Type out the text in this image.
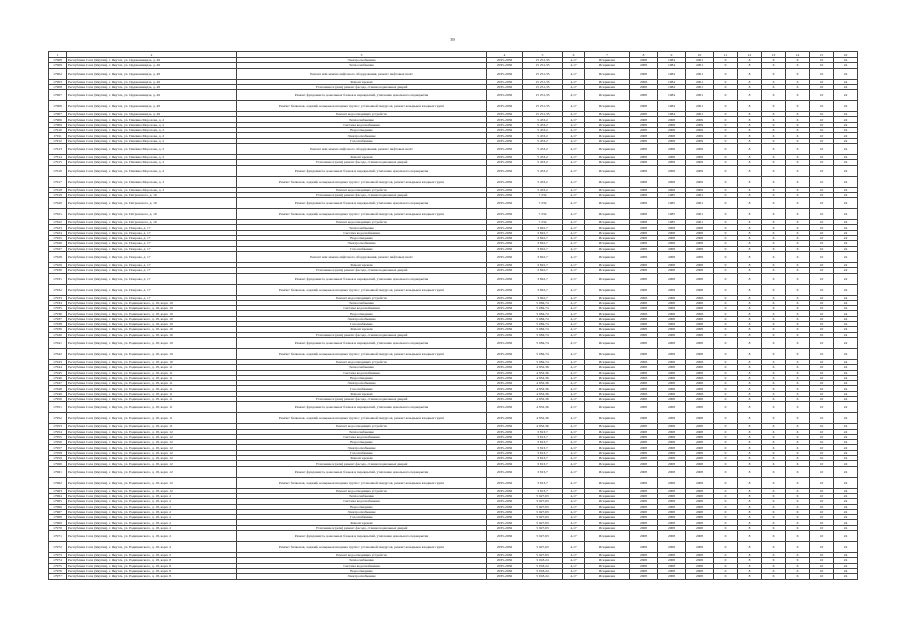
39
1	2	3	4	5	6	7	8	9	10	11	12	13	14	15	16
17908	Республика Саха (Якутия), г. Якутск, ул. Орджоникидзе, д. 49	Электроснабжение	2035-2036	15 251,35	4,17	Искривлен	2008	1984	2001	0	8	6	6	10	24
17909	Республика Саха (Якутия), г. Якутск, ул. Орджоникидзе, д. 49	Теплоснабжение	2035-2036	15 251,35	4,17	Искривлен	2008	1984	2001	0	8	6	6	10	24
17902	Республика Саха (Якутия), г. Якутск, ул. Орджоникидзе, д. 49	Ремонт или замена лифтового оборудования, ремонт лифтовых шахт	2035-2036	15 251,35	4,17	Искривлен	2008	1984	2001	0	8	6	6	10	24
17903	Республика Саха (Якутия), г. Якутск, ул. Орджоникидзе, д. 49	Ремонт кровли	2035-2036	15 251,35	4,17	Искривлен	2008	1984	2001	0	8	6	6	10	24
17908	Республика Саха (Якутия), г. Якутск, ул. Орджоникидзе, д. 49	Утепление и (или) ремонт фасада, ставни подвальных дверей	2035-2036	15 251,35	4,17	Искривлен	2008	1984	2001	0	8	6	6	10	24
17907	Республика Саха (Якутия), г. Якутск, ул. Орджоникидзе, д. 49	Ремонт фундамента, цокольных блоков и перекрытий, утепление цокольного перекрытия	2035-2036	15 251,35	4,17	Искривлен	2008	1984	2001	0	8	6	6	10	24
17908	Республика Саха (Якутия), г. Якутск, ул. Орджоникидзе, д. 49	Ремонт балконов, лоджий, козырьков входных групп с установкой пандусов, ремонт козырьков входных групп	2035-2036	15 251,35	4,17	Искривлен	2008	1984	2001	0	8	6	6	10	24
17907	Республика Саха (Якутия), г. Якутск, ул. Орджоникидзе, д. 49	Ремонт водоотводящих устройств	2035-2036	15 251,35	4,17	Искривлен	2008	1984	2001	0	8	6	6	10	24
17906	Республика Саха (Якутия), г. Якутск, ул. Павлика Морозова, д. 2	Теплоснабжение	2035-2036	5 453,2	4,17	Искривлен	2008	2008	2009	0	8	6	6	10	24
17909	Республика Саха (Якутия), г. Якутск, ул. Павлика Морозова, д. 2	Система водоснабжения	2035-2036	5 453,2	4,17	Искривлен	2008	2008	2009	0	8	6	6	10	24
17910	Республика Саха (Якутия), г. Якутск, ул. Павлика Морозова, д. 2	Водоотведение	2035-2036	5 453,2	4,17	Искривлен	2008	2008	2009	0	8	6	6	10	24
17911	Республика Саха (Якутия), г. Якутск, ул. Павлика Морозова, д. 2	Электроснабжение	2035-2036	5 453,2	4,17	Искривлен	2008	2008	2009	0	8	6	6	10	24
17912	Республика Саха (Якутия), г. Якутск, ул. Павлика Морозова, д. 2	Газоснабжение	2035-2036	5 453,2	4,17	Искривлен	2008	2008	2009	0	8	6	6	10	24
17913	Республика Саха (Якутия), г. Якутск, ул. Павлика Морозова, д. 2	Ремонт или замена лифтового оборудования, ремонт лифтовых шахт	2035-2036	5 453,2	4,17	Искривлен	2008	2008	2009	0	8	6	6	10	24
17914	Республика Саха (Якутия), г. Якутск, ул. Павлика Морозова, д. 2	Ремонт кровли	2035-2036	5 453,2	4,17	Искривлен	2008	2008	2009	0	8	6	6	10	24
17915	Республика Саха (Якутия), г. Якутск, ул. Павлика Морозова, д. 2	Утепление и (или) ремонт фасада, ставни подвальных дверей	2035-2036	5 453,2	4,17	Искривлен	2008	2008	2009	0	8	6	6	10	24
17916	Республика Саха (Якутия), г. Якутск, ул. Павлика Морозова, д. 2	Ремонт фундамента, цокольных блоков и перекрытий, утепление цокольного перекрытия	2035-2036	5 453,2	4,17	Искривлен	2008	2008	2009	0	8	6	6	10	24
17917	Республика Саха (Якутия), г. Якутск, ул. Павлика Морозова, д. 2	Ремонт балконов, лоджий, козырьков входных групп с установкой пандусов, ремонт козырьков входных групп	2035-2036	5 453,2	4,17	Искривлен	2008	2008	2009	0	8	6	6	10	24
17918	Республика Саха (Якутия), г. Якутск, ул. Павлика Морозова, д. 2	Ремонт водоотводящих устройств	2035-2036	5 453,2	4,17	Искривлен	2008	2008	2009	0	8	6	6	10	24
17919	Республика Саха (Якутия), г. Якутск, ул. Петровского, д. 16	Утепление и (или) ремонт фасада, ставни подвальных дверей	2035-2036	7 232	4,17	Искривлен	2008	1985	2001	0	8	6	6	10	24
17920	Республика Саха (Якутия), г. Якутск, ул. Петровского, д. 16	Ремонт фундамента, цокольных блоков и перекрытий, утепление цокольного перекрытия	2035-2036	7 232	4,17	Искривлен	2008	1985	2001	0	8	6	6	10	24
17921	Республика Саха (Якутия), г. Якутск, ул. Петровского, д. 16	Ремонт балконов, лоджий, козырьков входных групп с установкой пандусов, ремонт козырьков входных групп	2035-2036	7 232	4,17	Искривлен	2008	1985	2001	0	8	6	6	10	24
17922	Республика Саха (Якутия), г. Якутск, ул. Петровского, д. 16	Ремонт водоотводящих устройств	2035-2036	7 232	4,17	Искривлен	2008	1985	2001	0	8	6	6	10	24
17923	Республика Саха (Якутия), г. Якутск, ул. Покрова, д. 17	Теплоснабжение	2035-2036	3 822,7	4,17	Искривлен	2008	2008	2008	0	8	6	6	10	24
17924	Республика Саха (Якутия), г. Якутск, ул. Покрова, д. 17	Система водоснабжения	2035-2036	3 822,7	4,17	Искривлен	2008	2008	2008	0	8	6	6	10	24
17925	Республика Саха (Якутия), г. Якутск, ул. Покрова, д. 17	Водоотведение	2035-2036	3 822,7	4,17	Искривлен	2008	2008	2008	0	8	6	6	10	24
17926	Республика Саха (Якутия), г. Якутск, ул. Покрова, д. 17	Электроснабжение	2035-2036	3 822,7	4,17	Искривлен	2008	2008	2008	0	8	6	6	10	24
17927	Республика Саха (Якутия), г. Якутск, ул. Покрова, д. 17	Газоснабжение	2035-2036	3 822,7	4,17	Искривлен	2008	2008	2008	0	8	6	6	10	24
17928	Республика Саха (Якутия), г. Якутск, ул. Покрова, д. 17	Ремонт или замена лифтового оборудования, ремонт лифтовых шахт	2035-2036	3 822,7	4,17	Искривлен	2008	2008	2008	0	8	6	6	10	24
17929	Республика Саха (Якутия), г. Якутск, ул. Покрова, д. 17	Ремонт кровли	2035-2036	3 822,7	4,17	Искривлен	2008	2008	2008	0	8	6	6	10	24
17930	Республика Саха (Якутия), г. Якутск, ул. Покрова, д. 17	Утепление и (или) ремонт фасада, ставни подвальных дверей	2035-2036	3 822,7	4,17	Искривлен	2008	2008	2008	0	8	6	6	10	24
17931	Республика Саха (Якутия), г. Якутск, ул. Покрова, д. 17	Ремонт фундамента, цокольных блоков и перекрытий, утепление цокольного перекрытия	2035-2036	3 822,7	4,17	Искривлен	2008	2008	2008	0	8	6	6	10	24
17932	Республика Саха (Якутия), г. Якутск, ул. Покрова, д. 17	Ремонт балконов, лоджий, козырьков входных групп с установкой пандусов, ремонт козырьков входных групп	2035-2036	3 822,7	4,17	Искривлен	2008	2008	2008	0	8	6	6	10	24
17933	Республика Саха (Якутия), г. Якутск, ул. Покрова, д. 17	Ремонт водоотводящих устройств	2035-2036	3 822,7	4,17	Искривлен	2008	2008	2008	0	8	6	6	10	24
17934	Республика Саха (Якутия), г. Якутск, ул. Радищевского, д. 18, корп. 10	Теплоснабжение	2035-2036	5 084,74	4,17	Искривлен	2008	2008	2008	0	8	6	6	10	24
17935	Республика Саха (Якутия), г. Якутск, ул. Радищевского, д. 18, корп. 10	Система водоснабжения	2035-2036	5 084,74	4,17	Искривлен	2008	2008	2008	0	8	6	6	10	24
17936	Республика Саха (Якутия), г. Якутск, ул. Радищевского, д. 18, корп. 10	Водоотведение	2035-2036	5 084,74	4,17	Искривлен	2008	2008	2008	0	8	6	6	10	24
17937	Республика Саха (Якутия), г. Якутск, ул. Радищевского, д. 18, корп. 10	Электроснабжение	2035-2036	5 084,74	4,17	Искривлен	2008	2008	2008	0	8	6	6	10	24
17938	Республика Саха (Якутия), г. Якутск, ул. Радищевского, д. 18, корп. 10	Газоснабжение	2035-2036	5 084,74	4,17	Искривлен	2008	2008	2008	0	8	6	6	10	24
17939	Республика Саха (Якутия), г. Якутск, ул. Радищевского, д. 18, корп. 10	Ремонт кровли	2035-2036	5 084,74	4,17	Искривлен	2008	2008	2008	0	8	6	6	10	24
17940	Республика Саха (Якутия), г. Якутск, ул. Радищевского, д. 18, корп. 10	Утепление и (или) ремонт фасада, ставни подвальных дверей	2035-2036	5 084,74	4,17	Искривлен	2008	2008	2008	0	8	6	6	10	24
17941	Республика Саха (Якутия), г. Якутск, ул. Радищевского, д. 18, корп. 10	Ремонт фундамента, цокольных блоков и перекрытий, утепление цокольного перекрытия	2035-2036	5 084,74	4,17	Искривлен	2008	2008	2008	0	8	6	6	10	24
17942	Республика Саха (Якутия), г. Якутск, ул. Радищевского, д. 18, корп. 10	Ремонт балконов, лоджий, козырьков входных групп с установкой пандусов, ремонт козырьков входных групп	2035-2036	5 084,74	4,17	Искривлен	2008	2008	2008	0	8	6	6	10	24
17943	Республика Саха (Якутия), г. Якутск, ул. Радищевского, д. 18, корп. 10	Ремонт водоотводящих устройств	2035-2036	5 084,74	4,17	Искривлен	2008	2008	2008	0	8	6	6	10	24
17944	Республика Саха (Якутия), г. Якутск, ул. Радищевского, д. 18, корп. 11	Теплоснабжение	2035-2036	4 852,36	4,17	Искривлен	2008	2008	2008	0	8	6	6	10	24
17945	Республика Саха (Якутия), г. Якутск, ул. Радищевского, д. 18, корп. 11	Система водоснабжения	2035-2036	4 852,36	4,17	Искривлен	2008	2008	2008	0	8	6	6	10	24
17946	Республика Саха (Якутия), г. Якутск, ул. Радищевского, д. 18, корп. 11	Водоотведение	2035-2036	4 852,36	4,17	Искривлен	2008	2008	2008	0	8	6	6	10	24
17947	Республика Саха (Якутия), г. Якутск, ул. Радищевского, д. 18, корп. 11	Электроснабжение	2035-2036	4 852,36	4,17	Искривлен	2008	2008	2008	0	8	6	6	10	24
17948	Республика Саха (Якутия), г. Якутск, ул. Радищевского, д. 18, корп. 11	Газоснабжение	2035-2036	4 852,36	4,17	Искривлен	2008	2008	2008	0	8	6	6	10	24
17949	Республика Саха (Якутия), г. Якутск, ул. Радищевского, д. 18, корп. 11	Ремонт кровли	2035-2036	4 852,36	4,17	Искривлен	2008	2008	2008	0	8	6	6	10	24
17950	Республика Саха (Якутия), г. Якутск, ул. Радищевского, д. 18, корп. 11	Утепление и (или) ремонт фасада, ставни подвальных дверей	2035-2036	4 852,36	4,17	Искривлен	2008	2008	2008	0	8	6	6	10	24
17951	Республика Саха (Якутия), г. Якутск, ул. Радищевского, д. 18, корп. 11	Ремонт фундамента, цокольных блоков и перекрытий, утепление цокольного перекрытия	2035-2036	4 852,36	4,17	Искривлен	2008	2008	2008	0	8	6	6	10	24
17952	Республика Саха (Якутия), г. Якутск, ул. Радищевского, д. 18, корп. 11	Ремонт балконов, лоджий, козырьков входных групп с установкой пандусов, ремонт козырьков входных групп	2035-2036	4 852,36	4,17	Искривлен	2008	2008	2008	0	8	6	6	10	24
17953	Республика Саха (Якутия), г. Якутск, ул. Радищевского, д. 18, корп. 11	Ремонт водоотводящих устройств	2035-2036	4 852,36	4,17	Искривлен	2008	2008	2008	0	8	6	6	10	24
17954	Республика Саха (Якутия), г. Якутск, ул. Радищевского, д. 18, корп. 12	Теплоснабжение	2035-2036	3 813,7	4,17	Искривлен	2008	2008	2008	0	8	6	6	10	24
17955	Республика Саха (Якутия), г. Якутск, ул. Радищевского, д. 18, корп. 12	Система водоснабжения	2035-2036	3 813,7	4,17	Искривлен	2008	2008	2008	0	8	6	6	10	24
17956	Республика Саха (Якутия), г. Якутск, ул. Радищевского, д. 18, корп. 12	Водоотведение	2035-2036	3 813,7	4,17	Искривлен	2008	2008	2008	0	8	6	6	10	24
17957	Республика Саха (Якутия), г. Якутск, ул. Радищевского, д. 18, корп. 12	Электроснабжение	2035-2036	3 813,7	4,17	Искривлен	2008	2008	2008	0	8	6	6	10	24
17958	Республика Саха (Якутия), г. Якутск, ул. Радищевского, д. 18, корп. 12	Газоснабжение	2035-2036	3 813,7	4,17	Искривлен	2008	2008	2008	0	8	6	6	10	24
17959	Республика Саха (Якутия), г. Якутск, ул. Радищевского, д. 18, корп. 12	Ремонт кровли	2035-2036	3 813,7	4,17	Искривлен	2008	2008	2008	0	8	6	6	10	24
17960	Республика Саха (Якутия), г. Якутск, ул. Радищевского, д. 18, корп. 12	Утепление и (или) ремонт фасада, ставни подвальных дверей	2035-2036	3 813,7	4,17	Искривлен	2008	2008	2008	0	8	6	6	10	24
17961	Республика Саха (Якутия), г. Якутск, ул. Радищевского, д. 18, корп. 12	Ремонт фундамента, цокольных блоков и перекрытий, утепление цокольного перекрытия	2035-2036	3 813,7	4,17	Искривлен	2008	2008	2008	0	8	6	6	10	24
17962	Республика Саха (Якутия), г. Якутск, ул. Радищевского, д. 18, корп. 12	Ремонт балконов, лоджий, козырьков входных групп с установкой пандусов, ремонт козырьков входных групп	2035-2036	3 813,7	4,17	Искривлен	2008	2008	2008	0	8	6	6	10	24
17963	Республика Саха (Якутия), г. Якутск, ул. Радищевского, д. 18, корп. 12	Ремонт водоотводящих устройств	2035-2036	3 813,7	4,17	Искривлен	2008	2008	2008	0	8	6	6	10	24
17964	Республика Саха (Якутия), г. Якутск, ул. Радищевского, д. 18, корп. 2	Теплоснабжение	2035-2036	5 927,63	4,17	Искривлен	2008	2008	2008	0	8	6	6	10	24
17965	Республика Саха (Якутия), г. Якутск, ул. Радищевского, д. 18, корп. 2	Система водоснабжения	2035-2036	5 927,63	4,17	Искривлен	2008	2008	2008	0	8	6	6	10	24
17966	Республика Саха (Якутия), г. Якутск, ул. Радищевского, д. 18, корп. 2	Водоотведение	2035-2036	5 927,63	4,17	Искривлен	2008	2008	2008	0	8	6	6	10	24
17967	Республика Саха (Якутия), г. Якутск, ул. Радищевского, д. 18, корп. 2	Электроснабжение	2035-2036	5 927,63	4,17	Искривлен	2008	2008	2008	0	8	6	6	10	24
17968	Республика Саха (Якутия), г. Якутск, ул. Радищевского, д. 18, корп. 2	Газоснабжение	2035-2036	5 927,63	4,17	Искривлен	2008	2008	2008	0	8	6	6	10	24
17969	Республика Саха (Якутия), г. Якутск, ул. Радищевского, д. 18, корп. 2	Ремонт кровли	2035-2036	5 927,63	4,17	Искривлен	2008	2008	2008	0	8	6	6	10	24
17970	Республика Саха (Якутия), г. Якутск, ул. Радищевского, д. 18, корп. 2	Утепление и (или) ремонт фасада, ставни подвальных дверей	2035-2036	5 927,63	4,17	Искривлен	2008	2008	2008	0	8	6	6	10	24
17971	Республика Саха (Якутия), г. Якутск, ул. Радищевского, д. 18, корп. 2	Ремонт фундамента, цокольных блоков и перекрытий, утепление цокольного перекрытия	2035-2036	5 927,63	4,17	Искривлен	2008	2008	2008	0	8	6	6	10	24
17972	Республика Саха (Якутия), г. Якутск, ул. Радищевского, д. 18, корп. 2	Ремонт балконов, лоджий, козырьков входных групп с установкой пандусов, ремонт козырьков входных групп	2035-2036	5 927,63	4,17	Искривлен	2008	2008	2008	0	8	6	6	10	24
17973	Республика Саха (Якутия), г. Якутск, ул. Радищевского, д. 18, корп. 2	Ремонт водоотводящих устройств	2035-2036	5 927,63	4,17	Искривлен	2008	2008	2008	0	8	6	6	10	24
17974	Республика Саха (Якутия), г. Якутск, ул. Радищевского, д. 18, корп. 8	Теплоснабжение	2035-2036	5 018,24	4,17	Искривлен	2008	2008	2008	0	8	6	6	10	24
17975	Республика Саха (Якутия), г. Якутск, ул. Радищевского, д. 18, корп. 8	Система водоснабжения	2035-2036	5 018,24	4,17	Искривлен	2008	2008	2008	0	8	6	6	10	24
17976	Республика Саха (Якутия), г. Якутск, ул. Радищевского, д. 18, корп. 8	Водоотведение	2035-2036	5 018,24	4,17	Искривлен	2008	2008	2008	0	8	6	6	10	24
17977	Республика Саха (Якутия), г. Якутск, ул. Радищевского, д. 18, корп. 8	Электроснабжение	2035-2036	5 018,24	4,17	Искривлен	2008	2008	2008	0	8	6	6	10	24
